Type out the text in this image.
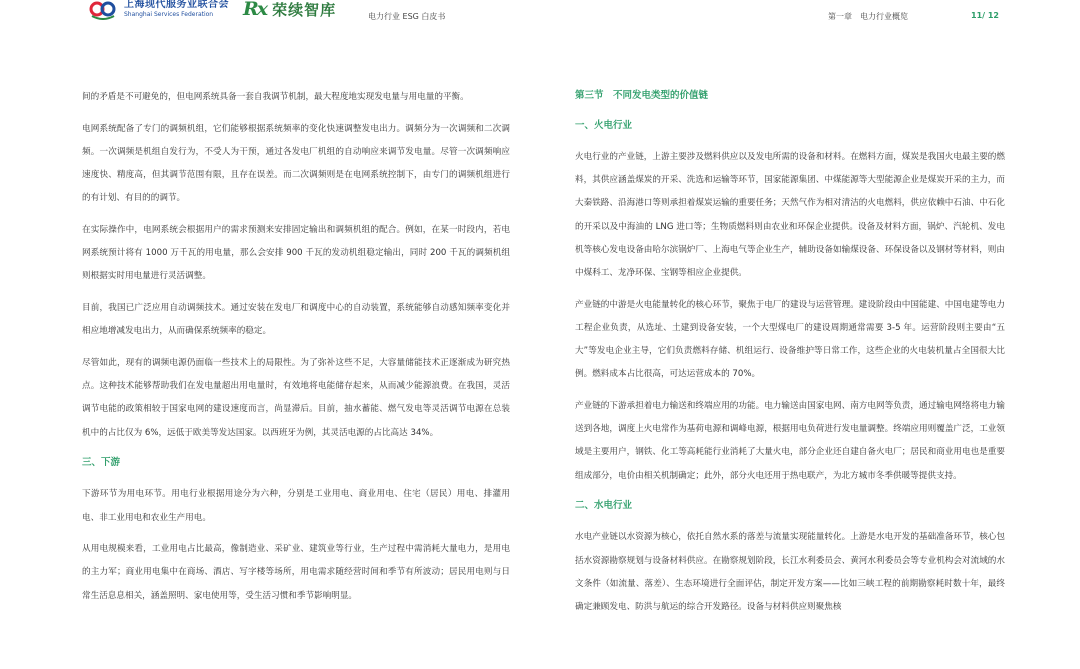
上海现代服务业联合会
Shanghai Services Federation	Rx 荣续智库	电力行业 ESG 白皮书	第一章　电力行业概览	11/ 12

间的矛盾是不可避免的，但电网系统具备一套自我调节机制，最大程度地实现发电量与用电量的平衡。

电网系统配备了专门的调频机组，它们能够根据系统频率的变化快速调整发电出力。调频分为一次调频和二次调频。一次调频是机组自发行为，不受人为干预，通过各发电厂机组的自动响应来调节发电量。尽管一次调频响应速度快、精度高，但其调节范围有限，且存在误差。而二次调频则是在电网系统控制下，由专门的调频机组进行的有计划、有目的的调节。

在实际操作中，电网系统会根据用户的需求预测来安排固定输出和调频机组的配合。例如，在某一时段内，若电网系统预计将有 1000 万千瓦的用电量，那么会安排 900 千瓦的发动机组稳定输出，同时 200 千瓦的调频机组则根据实时用电量进行灵活调整。

目前，我国已广泛应用自动调频技术。通过安装在发电厂和调度中心的自动装置，系统能够自动感知频率变化并相应地增减发电出力，从而确保系统频率的稳定。

尽管如此，现有的调频电源仍面临一些技术上的局限性。为了弥补这些不足，大容量储能技术正逐渐成为研究热点。这种技术能够帮助我们在发电量超出用电量时，有效地将电能储存起来，从而减少能源浪费。在我国，灵活调节电能的政策相较于国家电网的建设速度而言，尚显滞后。目前，抽水蓄能、燃气发电等灵活调节电源在总装机中的占比仅为 6%，远低于欧美等发达国家。以西班牙为例，其灵活电源的占比高达 34%。

三、下游

下游环节为用电环节。用电行业根据用途分为六种，分别是工业用电、商业用电、住宅（居民）用电、排灌用电、非工业用电和农业生产用电。

从用电规模来看，工业用电占比最高，像制造业、采矿业、建筑业等行业，生产过程中需消耗大量电力，是用电的主力军；商业用电集中在商场、酒店、写字楼等场所，用电需求随经营时间和季节有所波动；居民用电则与日常生活息息相关，涵盖照明、家电使用等，受生活习惯和季节影响明显。

第三节　不同发电类型的价值链
一、火电行业

火电行业的产业链，上游主要涉及燃料供应以及发电所需的设备和材料。在燃料方面，煤炭是我国火电最主要的燃料，其供应涵盖煤炭的开采、洗选和运输等环节，国家能源集团、中煤能源等大型能源企业是煤炭开采的主力，而大秦铁路、沿海港口等则承担着煤炭运输的重要任务；天然气作为相对清洁的火电燃料，供应依赖中石油、中石化的开采以及中海油的 LNG 进口等；生物质燃料则由农业和环保企业提供。设备及材料方面，锅炉、汽轮机、发电机等核心发电设备由哈尔滨锅炉厂、上海电气等企业生产，辅助设备如输煤设备、环保设备以及钢材等材料，则由中煤科工、龙净环保、宝钢等相应企业提供。

产业链的中游是火电能量转化的核心环节，聚焦于电厂的建设与运营管理。建设阶段由中国能建、中国电建等电力工程企业负责，从选址、土建到设备安装，一个大型煤电厂的建设周期通常需要 3-5 年。运营阶段则主要由“五大”等发电企业主导，它们负责燃料存储、机组运行、设备维护等日常工作，这些企业的火电装机量占全国很大比例。燃料成本占比很高，可达运营成本的 70%。

产业链的下游承担着电力输送和终端应用的功能。电力输送由国家电网、南方电网等负责，通过输电网络将电力输送到各地，调度上火电常作为基荷电源和调峰电源，根据用电负荷进行发电量调整。终端应用则覆盖广泛，工业领域是主要用户，钢铁、化工等高耗能行业消耗了大量火电，部分企业还自建自备火电厂；居民和商业用电也是重要组成部分，电价由相关机制确定；此外，部分火电还用于热电联产，为北方城市冬季供暖等提供支持。

二、水电行业

水电产业链以水资源为核心，依托自然水系的落差与流量实现能量转化。上游是水电开发的基础准备环节，核心包括水资源勘察规划与设备材料供应。在勘察规划阶段，长江水利委员会、黄河水利委员会等专业机构会对流域的水文条件（如流量、落差）、生态环境进行全面评估，制定开发方案——比如三峡工程的前期勘察耗时数十年，最终确定兼顾发电、防洪与航运的综合开发路径。设备与材料供应则聚焦核
